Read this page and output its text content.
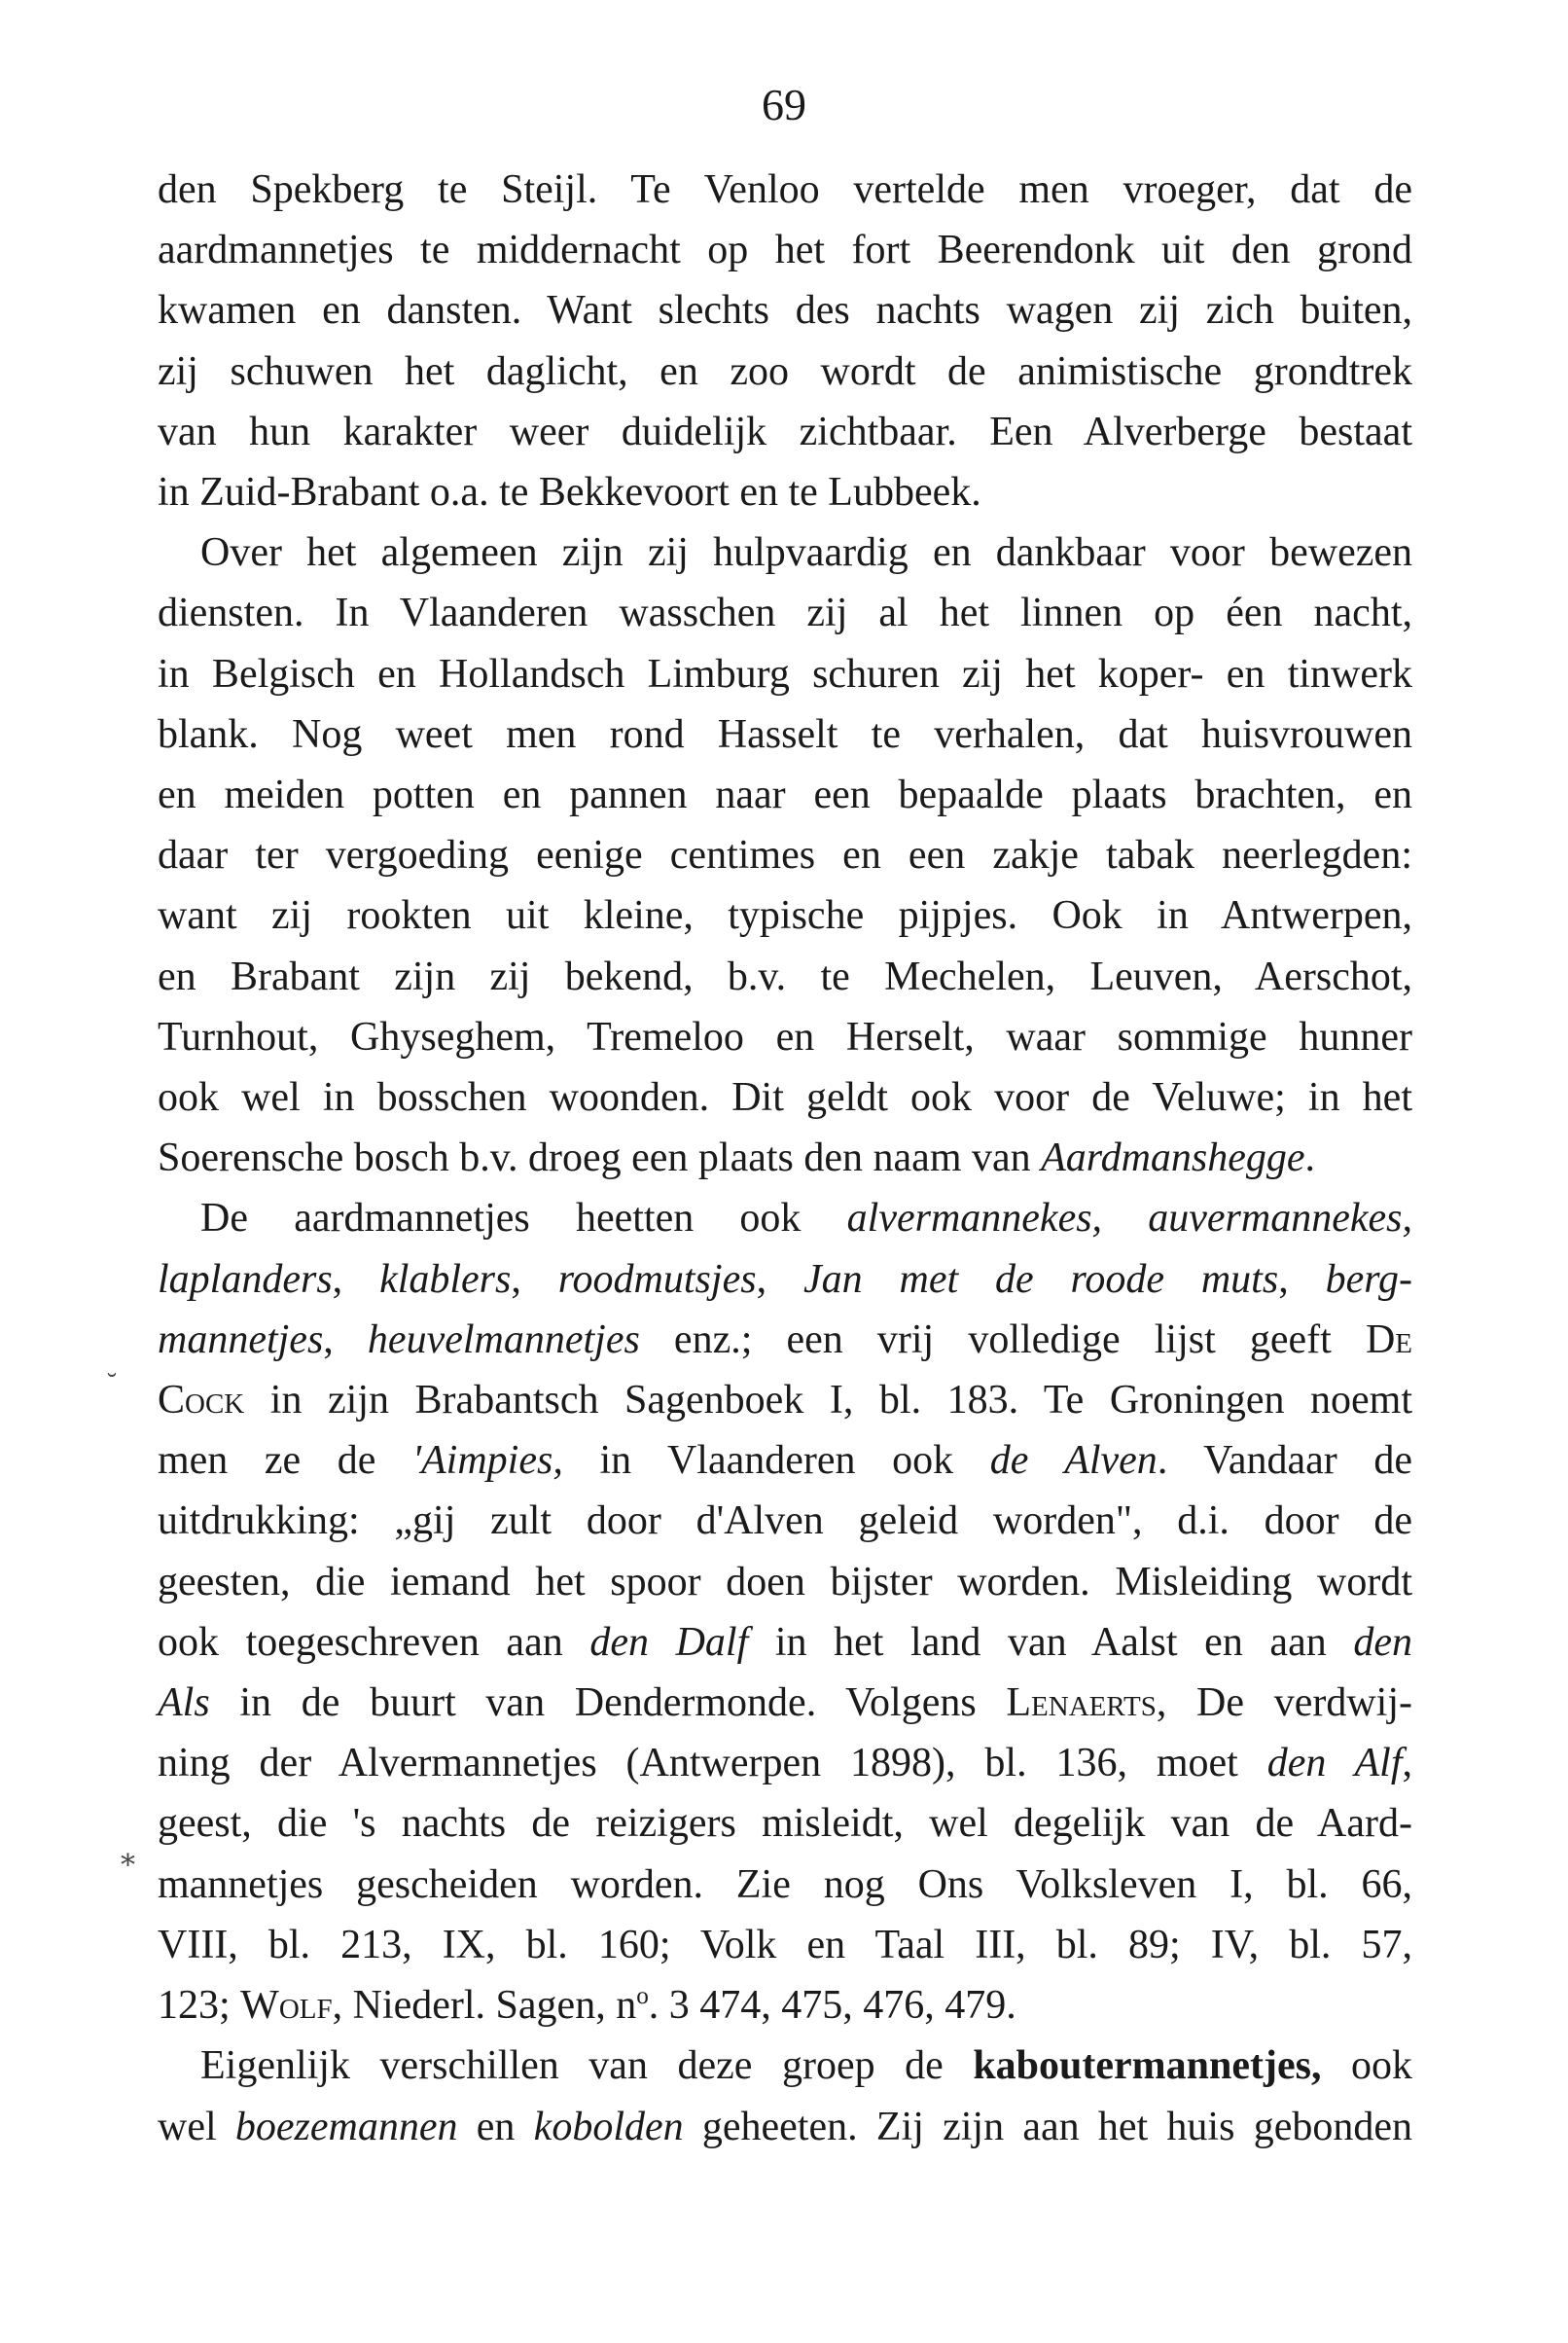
69

den Spekberg te Steijl. Te Venloo vertelde men vroeger, dat de
aardmannetjes te middernacht op het fort Beerendonk uit den grond
kwamen en dansten. Want slechts des nachts wagen zij zich buiten,
zij schuwen het daglicht, en zoo wordt de animistische grondtrek
van hun karakter weer duidelijk zichtbaar. Een Alverberge bestaat
in Zuid-Brabant o.a. te Bekkevoort en te Lubbeek.

Over het algemeen zijn zij hulpvaardig en dankbaar voor bewezen
diensten. In Vlaanderen wasschen zij al het linnen op éen nacht,
in Belgisch en Hollandsch Limburg schuren zij het koper- en tinwerk
blank. Nog weet men rond Hasselt te verhalen, dat huisvrouwen
en meiden potten en pannen naar een bepaalde plaats brachten, en
daar ter vergoeding eenige centimes en een zakje tabak neerlegden:
want zij rookten uit kleine, typische pijpjes. Ook in Antwerpen,
en Brabant zijn zij bekend, b.v. te Mechelen, Leuven, Aerschot,
Turnhout, Ghyseghem, Tremeloo en Herselt, waar sommige hunner
ook wel in bosschen woonden. Dit geldt ook voor de Veluwe; in het
Soerensche bosch b.v. droeg een plaats den naam van Aardmanshegge.

De aardmannetjes heetten ook alvermannekes, auvermannekes,
laplanders, klablers, roodmutsjes, Jan met de roode muts, berg-
mannetjes, heuvelmannetjes enz.; een vrij volledige lijst geeft De
Cock in zijn Brabantsch Sagenboek I, bl. 183. Te Groningen noemt
men ze de 'Aimpies, in Vlaanderen ook de Alven. Vandaar de
uitdrukking: „gij zult door d'Alven geleid worden", d.i. door de
geesten, die iemand het spoor doen bijster worden. Misleiding wordt
ook toegeschreven aan den Dalf in het land van Aalst en aan den
Als in de buurt van Dendermonde. Volgens Lenaerts, De verdwij-
ning der Alvermannetjes (Antwerpen 1898), bl. 136, moet den Alf,
geest, die 's nachts de reizigers misleidt, wel degelijk van de Aard-
mannetjes gescheiden worden. Zie nog Ons Volksleven I, bl. 66,
VIII, bl. 213, IX, bl. 160; Volk en Taal III, bl. 89; IV, bl. 57,
123; Wolf, Niederl. Sagen, $n^o$. 3 474, 475, 476, 479.

Eigenlijk verschillen van deze groep de kaboutermannetjes, ook
wel boezemannen en kobolden geheeten. Zij zijn aan het huis gebonden

˘
⁎
